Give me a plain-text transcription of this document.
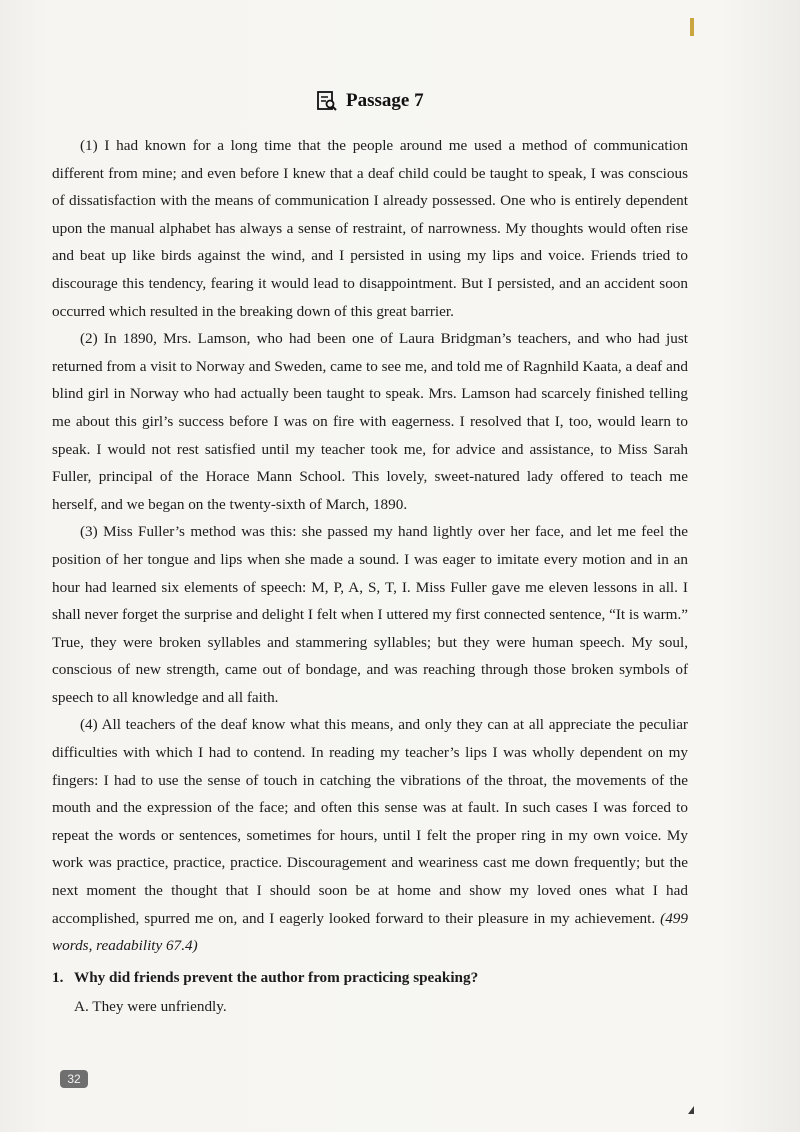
Passage 7

(1) I had known for a long time that the people around me used a method of communication different from mine; and even before I knew that a deaf child could be taught to speak, I was conscious of dissatisfaction with the means of communication I already possessed. One who is entirely dependent upon the manual alphabet has always a sense of restraint, of narrowness. My thoughts would often rise and beat up like birds against the wind, and I persisted in using my lips and voice. Friends tried to discourage this tendency, fearing it would lead to disappointment. But I persisted, and an accident soon occurred which resulted in the breaking down of this great barrier.

(2) In 1890, Mrs. Lamson, who had been one of Laura Bridgman’s teachers, and who had just returned from a visit to Norway and Sweden, came to see me, and told me of Ragnhild Kaata, a deaf and blind girl in Norway who had actually been taught to speak. Mrs. Lamson had scarcely finished telling me about this girl’s success before I was on fire with eagerness. I resolved that I, too, would learn to speak. I would not rest satisfied until my teacher took me, for advice and assistance, to Miss Sarah Fuller, principal of the Horace Mann School. This lovely, sweet-natured lady offered to teach me herself, and we began on the twenty-sixth of March, 1890.

(3) Miss Fuller’s method was this: she passed my hand lightly over her face, and let me feel the position of her tongue and lips when she made a sound. I was eager to imitate every motion and in an hour had learned six elements of speech: M, P, A, S, T, I. Miss Fuller gave me eleven lessons in all. I shall never forget the surprise and delight I felt when I uttered my first connected sentence, “It is warm.” True, they were broken syllables and stammering syllables; but they were human speech. My soul, conscious of new strength, came out of bondage, and was reaching through those broken symbols of speech to all knowledge and all faith.

(4) All teachers of the deaf know what this means, and only they can at all appreciate the peculiar difficulties with which I had to contend. In reading my teacher’s lips I was wholly dependent on my fingers: I had to use the sense of touch in catching the vibrations of the throat, the movements of the mouth and the expression of the face; and often this sense was at fault. In such cases I was forced to repeat the words or sentences, sometimes for hours, until I felt the proper ring in my own voice. My work was practice, practice, practice. Discouragement and weariness cast me down frequently; but the next moment the thought that I should soon be at home and show my loved ones what I had accomplished, spurred me on, and I eagerly looked forward to their pleasure in my achievement. (499 words, readability 67.4)

1. Why did friends prevent the author from practicing speaking?
A. They were unfriendly.
32
